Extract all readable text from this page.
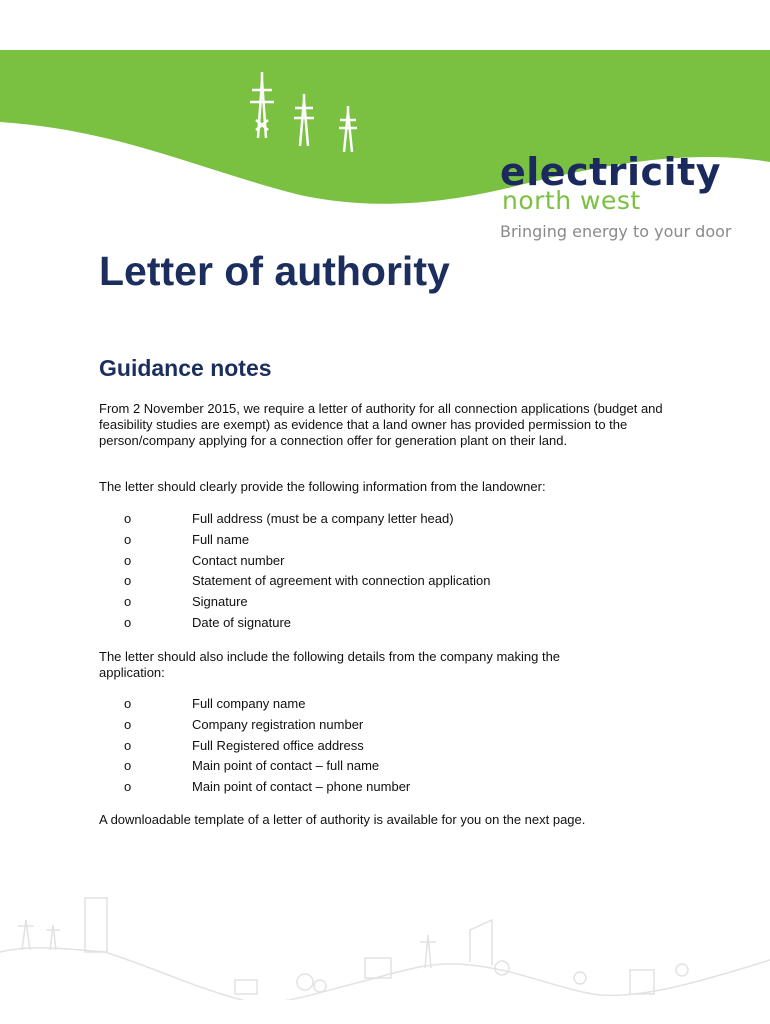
electricity
north west
Bringing energy to your door
Letter of authority
Guidance notes

From 2 November 2015, we require a letter of authority for all connection applications (budget and feasibility studies are exempt) as evidence that a land owner has provided permission to the person/company applying for a connection offer for generation plant on their land.

The letter should clearly provide the following information from the landowner:

o	Full address (must be a company letter head)
o	Full name
o	Contact number
o	Statement of agreement with connection application
o	Signature
o	Date of signature

The letter should also include the following details from the company making the application:

o	Full company name
o	Company registration number
o	Full Registered office address
o	Main point of contact – full name
o	Main point of contact – phone number

A downloadable template of a letter of authority is available for you on the next page.
